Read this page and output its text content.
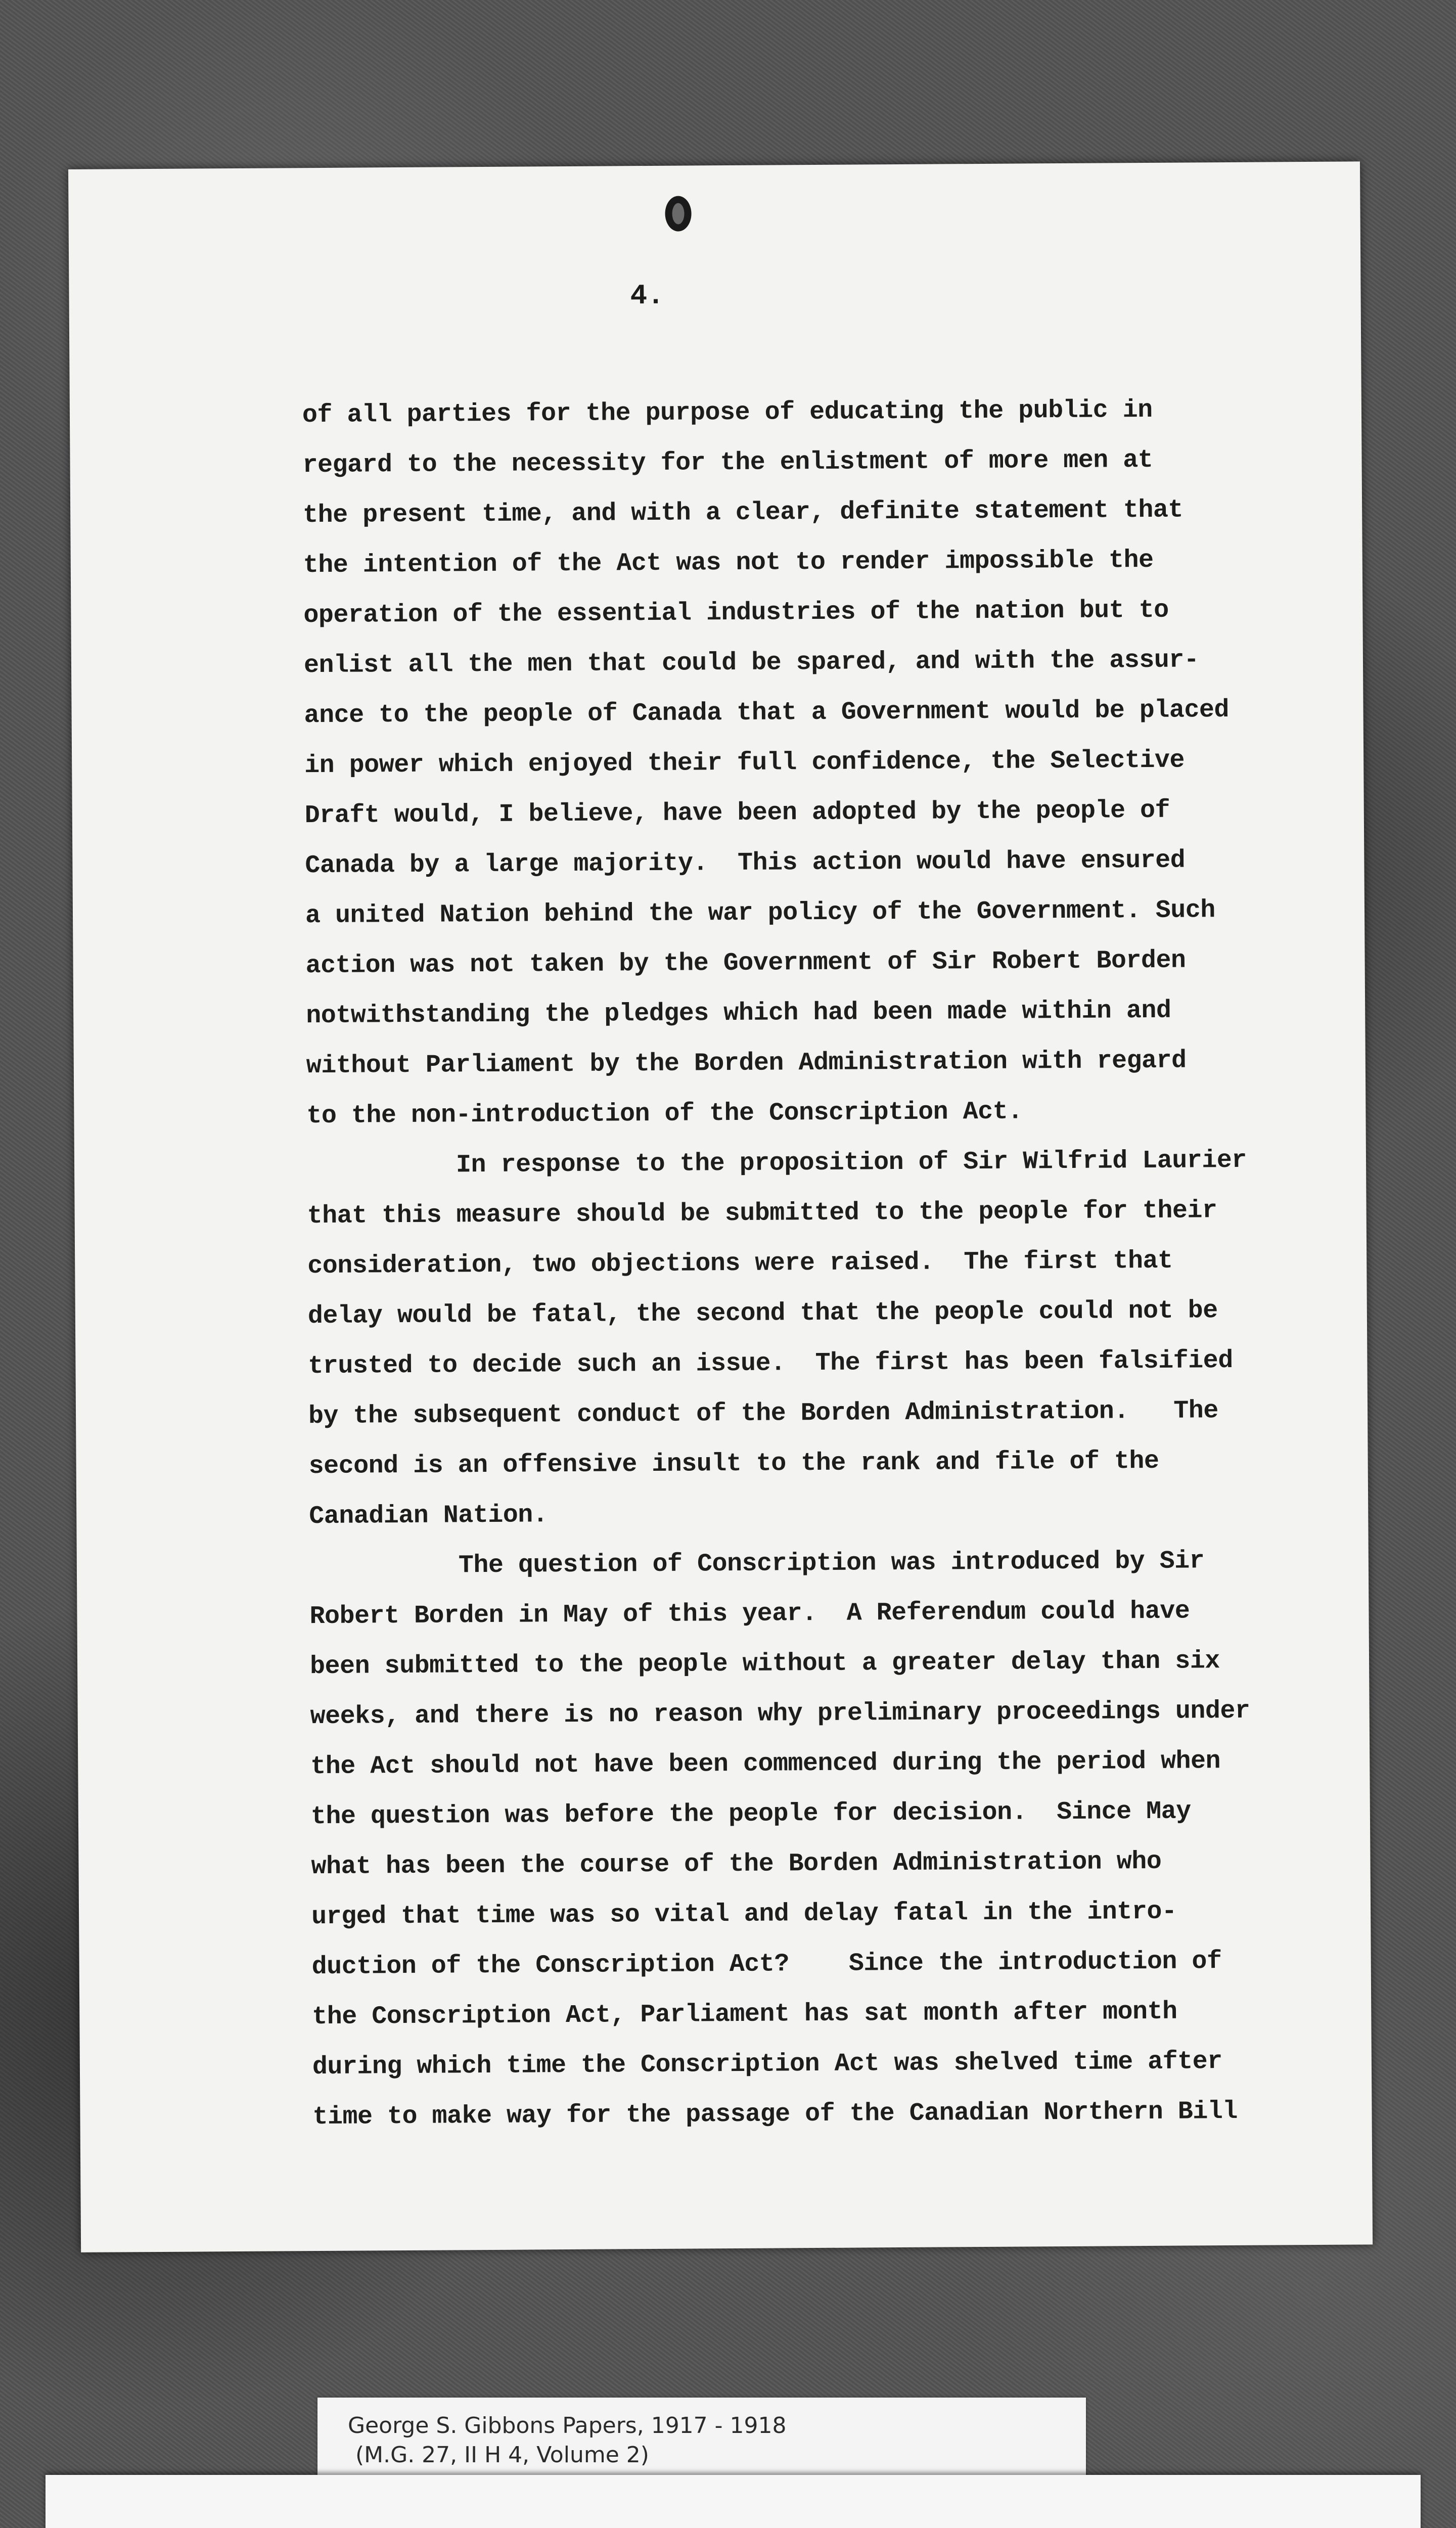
4.
of all parties for the purpose of educating the public in
regard to the necessity for the enlistment of more men at
the present time, and with a clear, definite statement that
the intention of the Act was not to render impossible the
operation of the essential industries of the nation but to
enlist all the men that could be spared, and with the assur-
ance to the people of Canada that a Government would be placed
in power which enjoyed their full confidence, the Selective
Draft would, I believe, have been adopted by the people of
Canada by a large majority.  This action would have ensured
a united Nation behind the war policy of the Government. Such
action was not taken by the Government of Sir Robert Borden
notwithstanding the pledges which had been made within and
without Parliament by the Borden Administration with regard
to the non-introduction of the Conscription Act.
In response to the proposition of Sir Wilfrid Laurier
that this measure should be submitted to the people for their
consideration, two objections were raised.  The first that
delay would be fatal, the second that the people could not be
trusted to decide such an issue.  The first has been falsified
by the subsequent conduct of the Borden Administration.   The
second is an offensive insult to the rank and file of the
Canadian Nation.
The question of Conscription was introduced by Sir
Robert Borden in May of this year.  A Referendum could have
been submitted to the people without a greater delay than six
weeks, and there is no reason why preliminary proceedings under
the Act should not have been commenced during the period when
the question was before the people for decision.  Since May
what has been the course of the Borden Administration who
urged that time was so vital and delay fatal in the intro-
duction of the Conscription Act?    Since the introduction of
the Conscription Act, Parliament has sat month after month
during which time the Conscription Act was shelved time after
time to make way for the passage of the Canadian Northern Bill
George S. Gibbons Papers, 1917 - 1918
(M.G. 27, II H 4, Volume 2)
